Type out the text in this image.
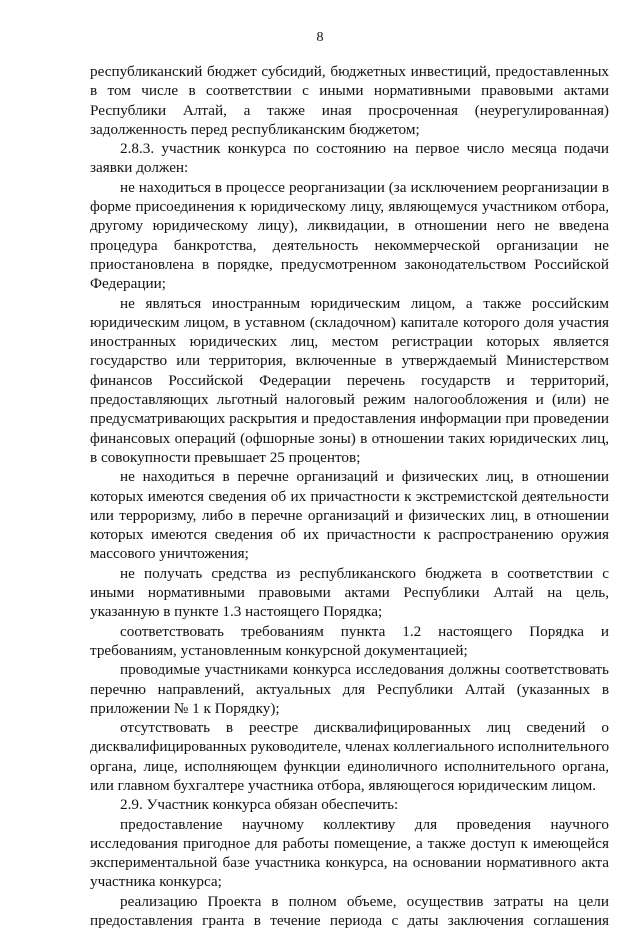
8
республиканский бюджет субсидий, бюджетных инвестиций, предоставленных
в том числе в соответствии с иными нормативными правовыми актами
Республики Алтай, а также иная просроченная (неурегулированная)
задолженность перед республиканским бюджетом;
2.8.3. участник конкурса по состоянию на первое число месяца подачи
заявки должен:
не находиться в процессе реорганизации (за исключением реорганизации в
форме присоединения к юридическому лицу, являющемуся участником отбора,
другому юридическому лицу), ликвидации, в отношении него не введена
процедура банкротства, деятельность некоммерческой организации не
приостановлена в порядке, предусмотренном законодательством Российской
Федерации;
не являться иностранным юридическим лицом, а также российским
юридическим лицом, в уставном (складочном) капитале которого доля участия
иностранных юридических лиц, местом регистрации которых является
государство или территория, включенные в утверждаемый Министерством
финансов Российской Федерации перечень государств и территорий,
предоставляющих льготный налоговый режим налогообложения и (или) не
предусматривающих раскрытия и предоставления информации при проведении
финансовых операций (офшорные зоны) в отношении таких юридических лиц,
в совокупности превышает 25 процентов;
не находиться в перечне организаций и физических лиц, в отношении
которых имеются сведения об их причастности к экстремистской деятельности
или терроризму, либо в перечне организаций и физических лиц, в отношении
которых имеются сведения об их причастности к распространению оружия
массового уничтожения;
не получать средства из республиканского бюджета в соответствии с
иными нормативными правовыми актами Республики Алтай на цель,
указанную в пункте 1.3 настоящего Порядка;
соответствовать требованиям пункта 1.2 настоящего Порядка и
требованиям, установленным конкурсной документацией;
проводимые участниками конкурса исследования должны соответствовать
перечню направлений, актуальных для Республики Алтай (указанных в
приложении № 1 к Порядку);
отсутствовать в реестре дисквалифицированных лиц сведений о
дисквалифицированных руководителе, членах коллегиального исполнительного
органа, лице, исполняющем функции единоличного исполнительного органа,
или главном бухгалтере участника отбора, являющегося юридическим лицом.
2.9. Участник конкурса обязан обеспечить:
предоставление научному коллективу для проведения научного
исследования пригодное для работы помещение, а также доступ к имеющейся
экспериментальной базе участника конкурса, на основании нормативного акта
участника конкурса;
реализацию Проекта в полном объеме, осуществив затраты на цели
предоставления гранта в течение периода с даты заключения соглашения
